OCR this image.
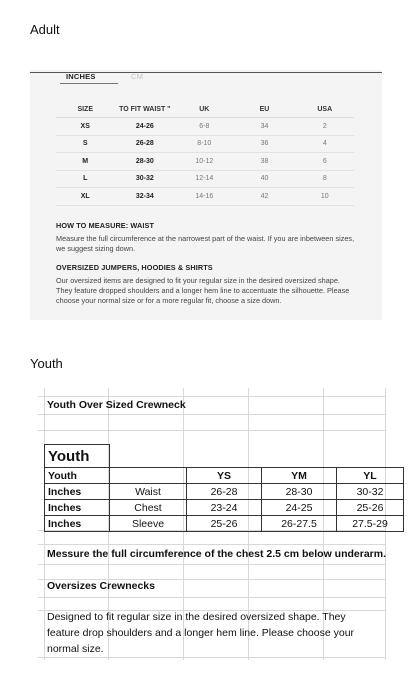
Adult
INCHES	CM
SIZE	TO FIT WAIST "	UK	EU	USA
XS	24-26	6-8	34	2
S	26-28	8-10	36	4
M	28-30	10-12	38	6
L	30-32	12-14	40	8
XL	32-34	14-16	42	10
HOW TO MEASURE: WAIST
Measure the full circumference at the narrowest part of the waist. If you are inbetween sizes, we suggest sizing down.
OVERSIZED JUMPERS, HOODIES & SHIRTS
Our oversized items are designed to fit your regular size in the desired oversized shape. They feature dropped shoulders and a longer hem line to accentuate the silhouette. Please choose your normal size or for a more regular fit, choose a size down.
Youth
Youth Over Sized Crewneck
Youth				
Youth		YS	YM	YL
Inches	Waist	26-28	28-30	30-32
Inches	Chest	23-24	24-25	25-26
Inches	Sleeve	25-26	26-27.5	27.5-29
Messure the full circumference of the chest 2.5 cm below underarm.
Oversizes Crewnecks
Designed to fit regular size in the desired oversized shape. They
feature drop shoulders and a longer hem line. Please choose your
normal size.
